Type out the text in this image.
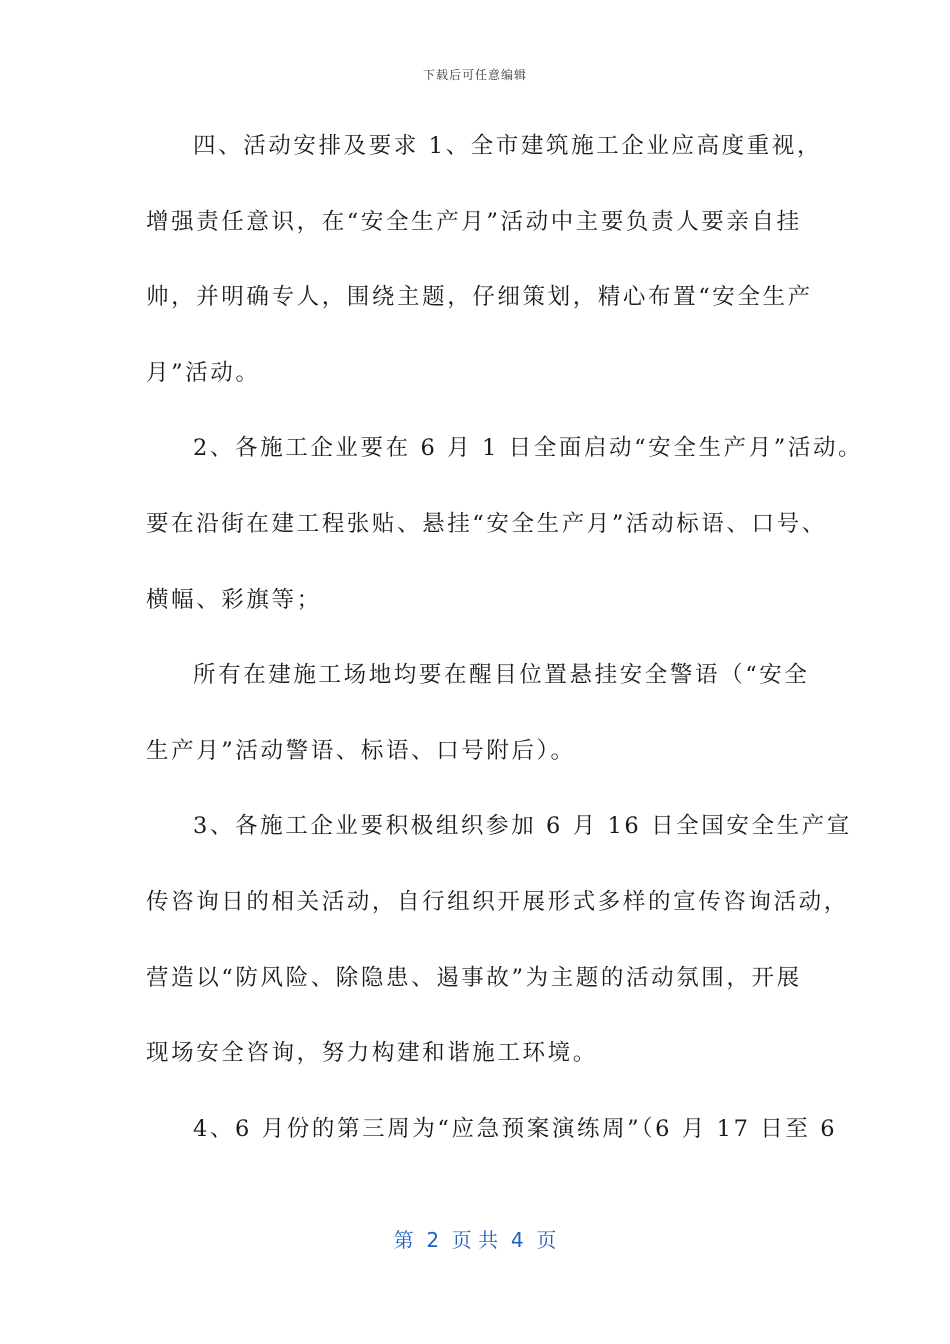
下载后可任意编辑
四、活动安排及要求 1、全市建筑施工企业应高度重视，
增强责任意识，在“安全生产月”活动中主要负责人要亲自挂
帅，并明确专人，围绕主题，仔细策划，精心布置“安全生产
月”活动。
2、各施工企业要在 6 月 1 日全面启动“安全生产月”活动。
要在沿街在建工程张贴、悬挂“安全生产月”活动标语、口号、
横幅、彩旗等；
所有在建施工场地均要在醒目位置悬挂安全警语（“安全
生产月”活动警语、标语、口号附后）。
3、各施工企业要积极组织参加 6 月 16 日全国安全生产宣
传咨询日的相关活动，自行组织开展形式多样的宣传咨询活动，
营造以“防风险、除隐患、遏事故”为主题的活动氛围，开展
现场安全咨询，努力构建和谐施工环境。
4、6 月份的第三周为“应急预案演练周”（6 月 17 日至 6
第  2  页 共  4  页
